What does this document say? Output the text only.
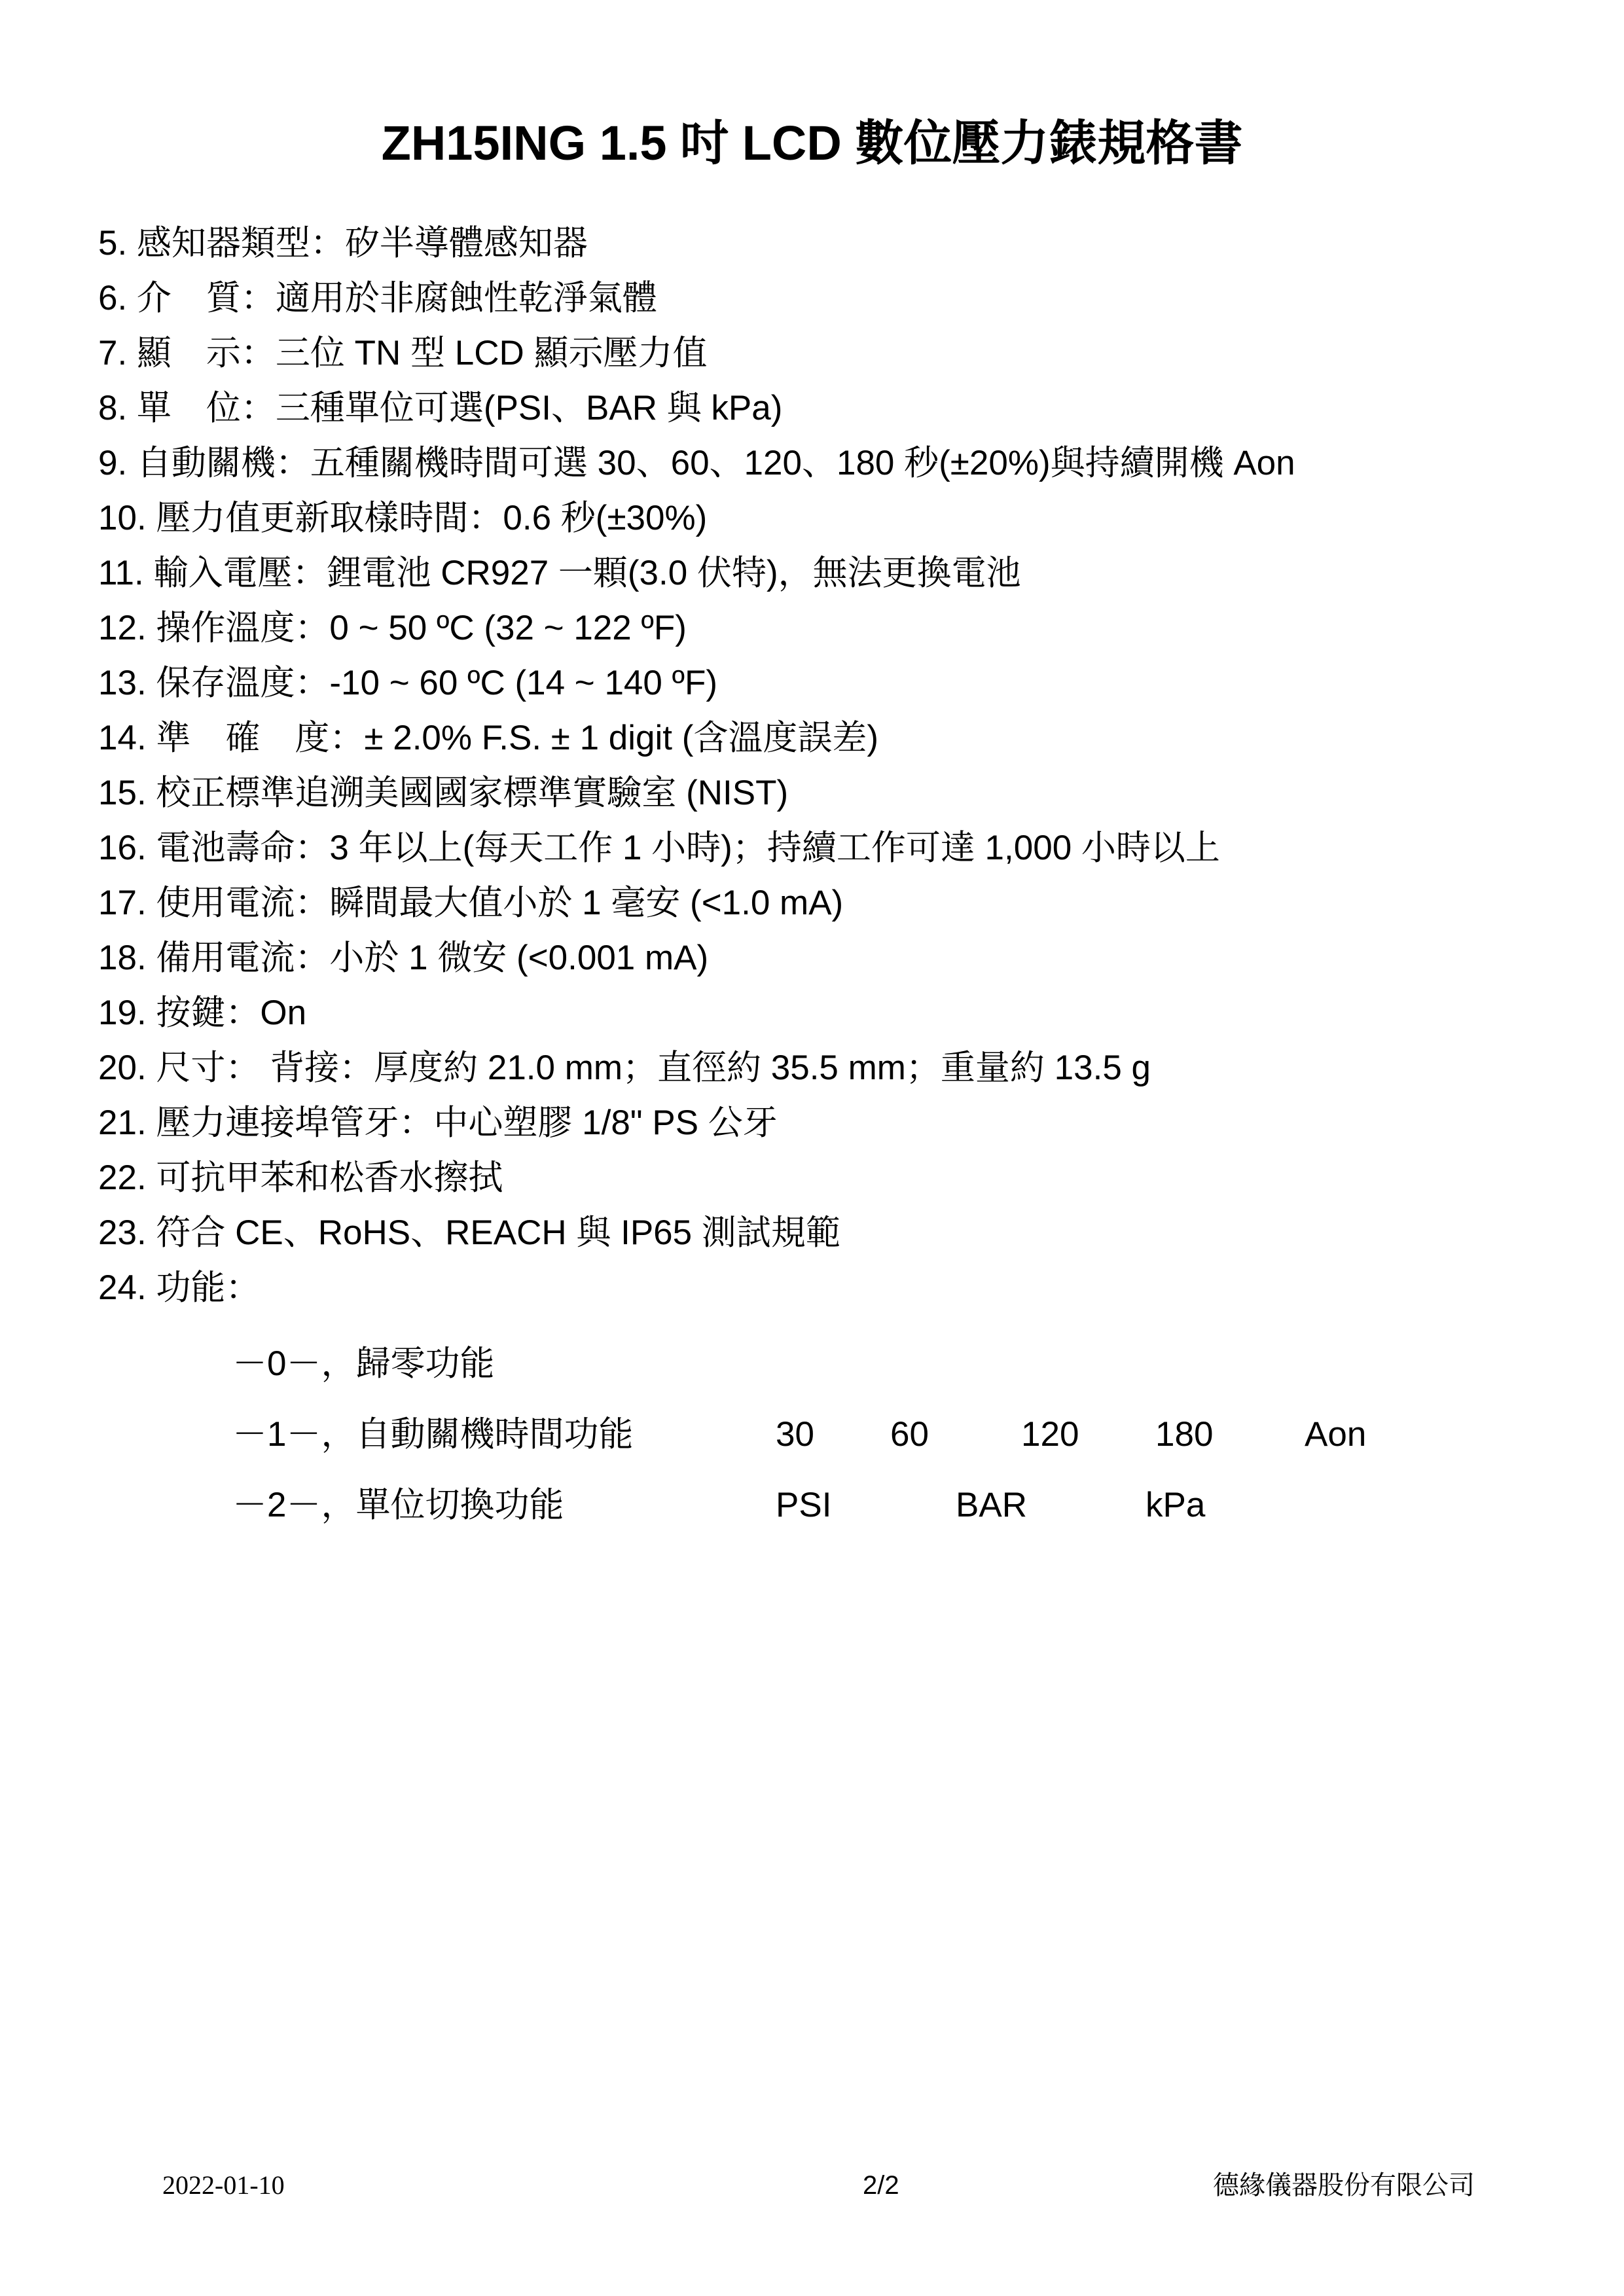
ZH15ING 1.5 吋 LCD 數位壓力錶規格書
5. 感知器類型：矽半導體感知器
6. 介　質：適用於非腐蝕性乾淨氣體
7. 顯　示：三位 TN 型 LCD 顯示壓力值
8. 單　位：三種單位可選(PSI、BAR 與 kPa)
9. 自動關機：五種關機時間可選 30、60、120、180 秒(±20%)與持續開機 Aon
10. 壓力值更新取樣時間：0.6 秒(±30%)
11. 輸入電壓：鋰電池 CR927 一顆(3.0 伏特)，無法更換電池
12. 操作溫度：0 ~ 50 ºC (32 ~ 122 ºF)
13. 保存溫度：-10 ~ 60 ºC (14 ~ 140 ºF)
14. 準　確　度：± 2.0% F.S. ± 1 digit (含溫度誤差)
15. 校正標準追溯美國國家標準實驗室 (NIST)
16. 電池壽命：3 年以上(每天工作 1 小時)；持續工作可達 1,000 小時以上
17. 使用電流：瞬間最大值小於 1 毫安 (<1.0 mA)
18. 備用電流：小於 1 微安 (<0.001 mA)
19. 按鍵：On
20. 尺寸： 背接：厚度約 21.0 mm；直徑約 35.5 mm；重量約 13.5 g
21. 壓力連接埠管牙：中心塑膠 1/8" PS 公牙
22. 可抗甲苯和松香水擦拭
23. 符合 CE、RoHS、REACH 與 IP65 測試規範
24. 功能：
－0－，歸零功能
－1－，自動關機時間功能	30 60	120 180	Aon
－2－，單位切換功能	PSI	BAR	kPa
2022-01-10	2/2	德緣儀器股份有限公司
